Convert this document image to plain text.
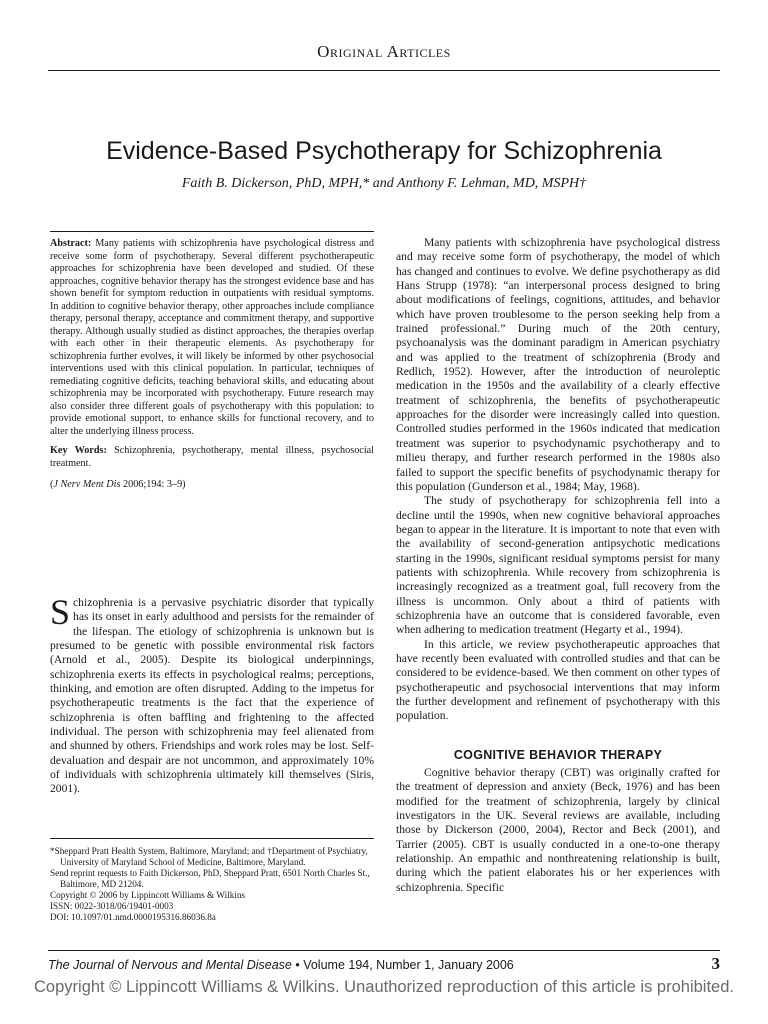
Original Articles
Evidence-Based Psychotherapy for Schizophrenia
Faith B. Dickerson, PhD, MPH,* and Anthony F. Lehman, MD, MSPH†
Abstract: Many patients with schizophrenia have psychological distress and receive some form of psychotherapy. Several different psychotherapeutic approaches for schizophrenia have been developed and studied. Of these approaches, cognitive behavior therapy has the strongest evidence base and has shown benefit for symptom reduction in outpatients with residual symptoms. In addition to cognitive behavior therapy, other approaches include compliance therapy, personal therapy, acceptance and commitment therapy, and supportive therapy. Although usually studied as distinct approaches, the therapies overlap with each other in their therapeutic elements. As psychotherapy for schizophrenia further evolves, it will likely be informed by other psychosocial interventions used with this clinical population. In particular, techniques of remediating cognitive deficits, teaching behavioral skills, and educating about schizophrenia may be incorporated with psychotherapy. Future research may also consider three different goals of psychotherapy with this population: to provide emotional support, to enhance skills for functional recovery, and to alter the underlying illness process.
Key Words: Schizophrenia, psychotherapy, mental illness, psychosocial treatment.
(J Nerv Ment Dis 2006;194: 3–9)
Schizophrenia is a pervasive psychiatric disorder that typically has its onset in early adulthood and persists for the remainder of the lifespan. The etiology of schizophrenia is unknown but is presumed to be genetic with possible environmental risk factors (Arnold et al., 2005). Despite its biological underpinnings, schizophrenia exerts its effects in psychological realms; perceptions, thinking, and emotion are often disrupted. Adding to the impetus for psychotherapeutic treatments is the fact that the experience of schizophrenia is often baffling and frightening to the affected individual. The person with schizophrenia may feel alienated from and shunned by others. Friendships and work roles may be lost. Self-devaluation and despair are not uncommon, and approximately 10% of individuals with schizophrenia ultimately kill themselves (Siris, 2001).
*Sheppard Pratt Health System, Baltimore, Maryland; and †Department of Psychiatry, University of Maryland School of Medicine, Baltimore, Maryland.
Send reprint requests to Faith Dickerson, PhD, Sheppard Pratt, 6501 North Charles St., Baltimore, MD 21204.
Copyright © 2006 by Lippincott Williams & Wilkins
ISSN: 0022-3018/06/19401-0003
DOI: 10.1097/01.nmd.0000195316.86036.8a

Many patients with schizophrenia have psychological distress and may receive some form of psychotherapy, the model of which has changed and continues to evolve. We define psychotherapy as did Hans Strupp (1978): “an interpersonal process designed to bring about modifications of feelings, cognitions, attitudes, and behavior which have proven troublesome to the person seeking help from a trained professional.” During much of the 20th century, psychoanalysis was the dominant paradigm in American psychiatry and was applied to the treatment of schizophrenia (Brody and Redlich, 1952). However, after the introduction of neuroleptic medication in the 1950s and the availability of a clearly effective treatment of schizophrenia, the benefits of psychotherapeutic approaches for the disorder were increasingly called into question. Controlled studies performed in the 1960s indicated that medication treatment was superior to psychodynamic psychotherapy and to milieu therapy, and further research performed in the 1980s also failed to support the specific benefits of psychodynamic therapy for this population (Gunderson et al., 1984; May, 1968).

The study of psychotherapy for schizophrenia fell into a decline until the 1990s, when new cognitive behavioral approaches began to appear in the literature. It is important to note that even with the availability of second-generation antipsychotic medications starting in the 1990s, significant residual symptoms persist for many patients with schizophrenia. While recovery from schizophrenia is increasingly recognized as a treatment goal, full recovery from the illness is uncommon. Only about a third of patients with schizophrenia have an outcome that is considered favorable, even when adhering to medication treatment (Hegarty et al., 1994).

In this article, we review psychotherapeutic approaches that have recently been evaluated with controlled studies and that can be considered to be evidence-based. We then comment on other types of psychotherapeutic and psychosocial interventions that may inform the further development and refinement of psychotherapy with this population.

COGNITIVE BEHAVIOR THERAPY

Cognitive behavior therapy (CBT) was originally crafted for the treatment of depression and anxiety (Beck, 1976) and has been modified for the treatment of schizophrenia, largely by clinical investigators in the UK. Several reviews are available, including those by Dickerson (2000, 2004), Rector and Beck (2001), and Tarrier (2005). CBT is usually conducted in a one-to-one therapy relationship. An empathic and nonthreatening relationship is built, during which the patient elaborates his or her experiences with schizophrenia. Specific

The Journal of Nervous and Mental Disease • Volume 194, Number 1, January 2006	3
Copyright © Lippincott Williams & Wilkins. Unauthorized reproduction of this article is prohibited.
